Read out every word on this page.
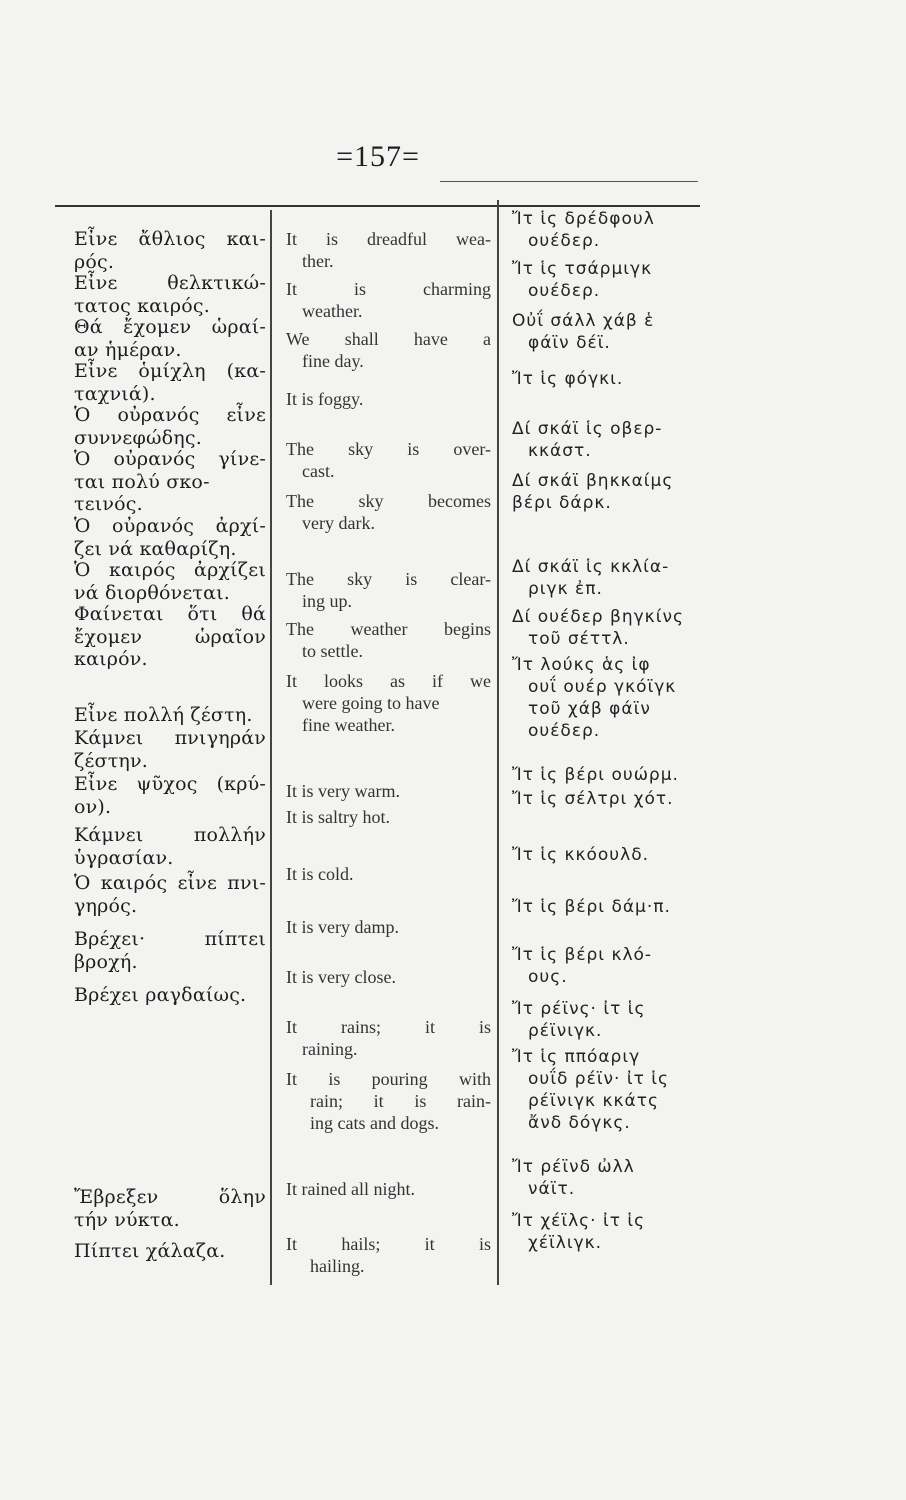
=157=
Εἶνε ἄθλιος και-
ρός.
Εἶνε θελκτικώ-
τατος καιρός.
Θά ἔχομεν ὡραί-
αν ἡμέραν.
Εἶνε ὁμίχλη (κα-
ταχνιά).
Ὁ οὐρανός εἶνε
συννεφώδης.
Ὁ οὐρανός γίνε-
ται πολύ σκο-
τεινός.
Ὁ οὐρανός ἀρχί-
ζει νά καθαρίζη.
Ὁ καιρός ἀρχίζει
νά διορθόνεται.
Φαίνεται ὅτι θά
ἔχομεν ὡραῖον
καιρόν.
Εἶνε πολλή ζέστη.
Κάμνει πνιγηράν
ζέστην.
Εἶνε ψῦχος (κρύ-
ον).
Κάμνει πολλήν
ὑγρασίαν.
Ὁ καιρός εἶνε πνι-
γηρός.
Βρέχει· πίπτει
βροχή.
Βρέχει ραγδαίως.
Ἔβρεξεν ὅλην
τήν νύκτα.
Πίπτει χάλαζα.
It is dreadful wea-
ther.
It is charming
weather.
We shall have a
fine day.
It is foggy.
The sky is over-
cast.
The sky becomes
very dark.
The sky is clear-
ing up.
The weather begins
to settle.
It looks as if we
were going to have
fine weather.
It is very warm.
It is saltry hot.
It is cold.
It is very damp.
It is very close.
It rains; it is
raining.
It is pouring with
rain; it is rain-
ing cats and dogs.
It rained all night.
It hails; it is
hailing.
Ἴτ ἱς δρέδφουλ
ουέδερ.
Ἴτ ἱς τσάρμιγκ
ουέδερ.
Οὐΐ σάλλ χάβ ἑ
φάϊν δέϊ.
Ἴτ ἱς φόγκι.
Δί σκάϊ ἱς οβερ-
κκάστ.
Δί σκάϊ βηκκαίμς
βέρι δάρκ.
Δί σκάϊ ἱς κκλία-
ριγκ ἐπ.
Δί ουέδερ βηγκίνς
τοῦ σέττλ.
Ἴτ λούκς ἁς ἰφ
ουΐ ουέρ γκόϊγκ
τοῦ χάβ φάϊν
ουέδερ.
Ἴτ ἱς βέρι ουώρμ.
Ἴτ ἱς σέλτρι χότ.
Ἴτ ἱς κκόουλδ.
Ἴτ ἱς βέρι δάμ·π.
Ἴτ ἱς βέρι κλό-
ους.
Ἴτ ρέϊνς· ἰτ ἱς
ρέϊνιγκ.
Ἴτ ἱς ππόαριγ
ουΐδ ρέϊν· ἰτ ἱς
ρέϊνιγκ κκάτς
ἄνδ δόγκς.
Ἴτ ρέϊνδ ὠλλ
νάϊτ.
Ἴτ χέϊλς· ἰτ ἱς
χέϊλιγκ.
